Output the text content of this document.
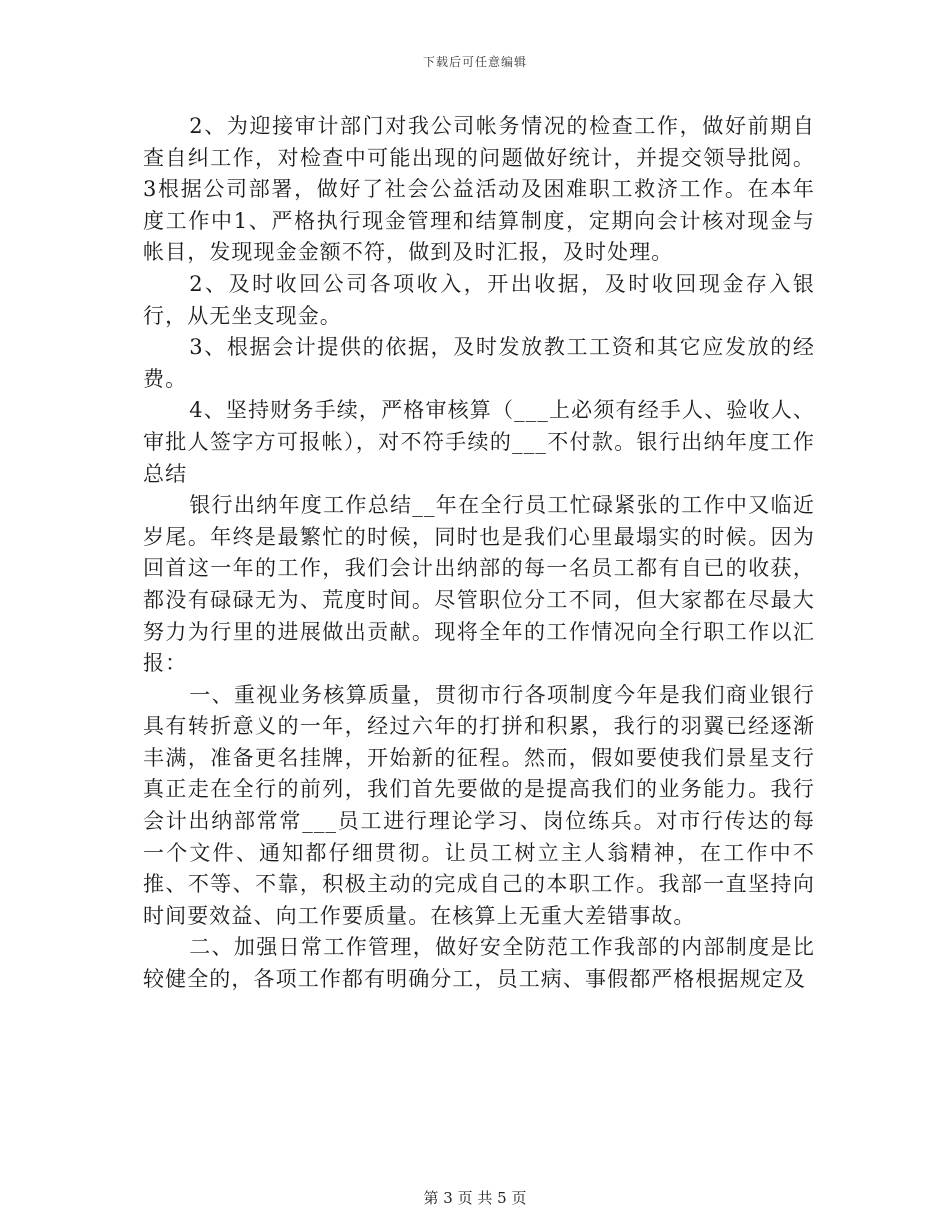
下载后可任意编辑

2、为迎接审计部门对我公司帐务情况的检查工作，做好前期自查自纠工作，对检查中可能出现的问题做好统计，并提交领导批阅。3根据公司部署，做好了社会公益活动及困难职工救济工作。在本年度工作中1、严格执行现金管理和结算制度，定期向会计核对现金与帐目，发现现金金额不符，做到及时汇报，及时处理。

2、及时收回公司各项收入，开出收据，及时收回现金存入银行，从无坐支现金。

3、根据会计提供的依据，及时发放教工工资和其它应发放的经费。

4、坚持财务手续，严格审核算（___上必须有经手人、验收人、审批人签字方可报帐），对不符手续的___不付款。银行出纳年度工作总结

银行出纳年度工作总结__年在全行员工忙碌紧张的工作中又临近岁尾。年终是最繁忙的时候，同时也是我们心里最塌实的时候。因为回首这一年的工作，我们会计出纳部的每一名员工都有自已的收获，都没有碌碌无为、荒度时间。尽管职位分工不同，但大家都在尽最大努力为行里的进展做出贡献。现将全年的工作情况向全行职工作以汇报：

一、重视业务核算质量，贯彻市行各项制度今年是我们商业银行具有转折意义的一年，经过六年的打拼和积累，我行的羽翼已经逐渐丰满，准备更名挂牌，开始新的征程。然而，假如要使我们景星支行真正走在全行的前列，我们首先要做的是提高我们的业务能力。我行会计出纳部常常___员工进行理论学习、岗位练兵。对市行传达的每一个文件、通知都仔细贯彻。让员工树立主人翁精神，在工作中不推、不等、不靠，积极主动的完成自己的本职工作。我部一直坚持向时间要效益、向工作要质量。在核算上无重大差错事故。

二、加强日常工作管理，做好安全防范工作我部的内部制度是比较健全的，各项工作都有明确分工，员工病、事假都严格根据规定及

第 3 页 共 5 页
